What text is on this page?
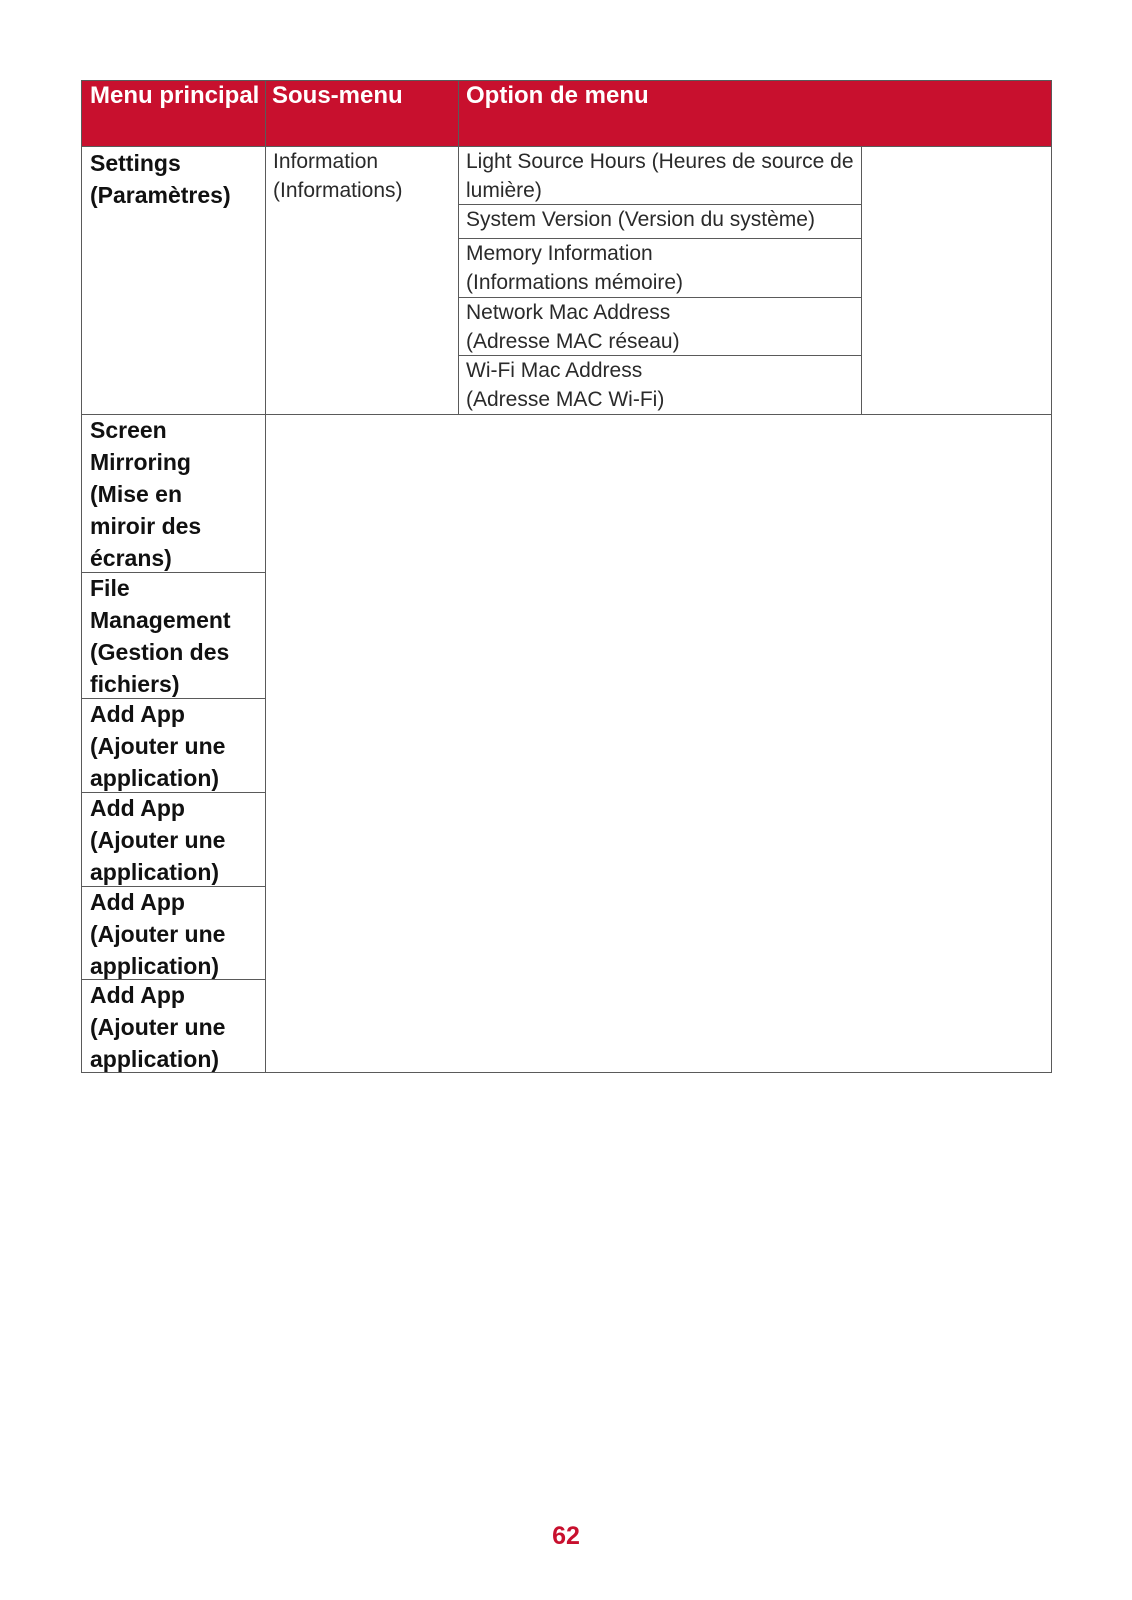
Menu principal Sous-menu	Option de menu
Settings (Paramètres)
Information (Informations)
Light Source Hours (Heures de source de lumière)
System Version (Version du système)
Memory Information (Informations mémoire)
Network Mac Address (Adresse MAC réseau)
Wi-Fi Mac Address (Adresse MAC Wi-Fi)
Screen Mirroring (Mise en miroir des écrans)
File Management (Gestion des fichiers)
Add App (Ajouter une application)
Add App (Ajouter une application)
Add App (Ajouter une application)
Add App (Ajouter une application)
62
